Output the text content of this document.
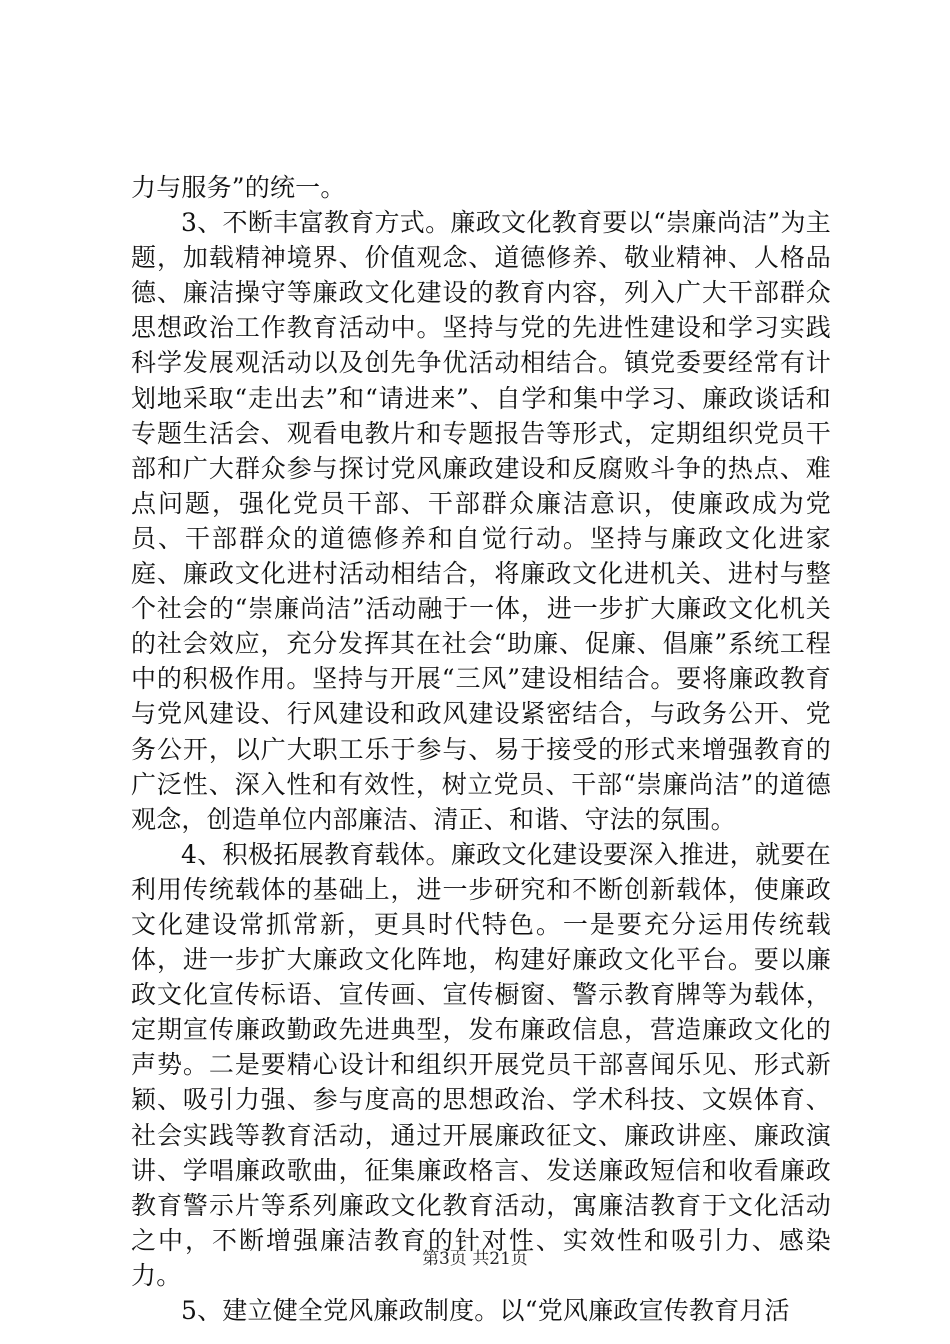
力与服务”的统一。

3、不断丰富教育方式。廉政文化教育要以“崇廉尚洁”为主题，加载精神境界、价值观念、道德修养、敬业精神、人格品德、廉洁操守等廉政文化建设的教育内容，列入广大干部群众思想政治工作教育活动中。坚持与党的先进性建设和学习实践科学发展观活动以及创先争优活动相结合。镇党委要经常有计划地采取“走出去”和“请进来”、自学和集中学习、廉政谈话和专题生活会、观看电教片和专题报告等形式，定期组织党员干部和广大群众参与探讨党风廉政建设和反腐败斗争的热点、难点问题，强化党员干部、干部群众廉洁意识，使廉政成为党员、干部群众的道德修养和自觉行动。坚持与廉政文化进家庭、廉政文化进村活动相结合，将廉政文化进机关、进村与整个社会的“崇廉尚洁”活动融于一体，进一步扩大廉政文化机关的社会效应，充分发挥其在社会“助廉、促廉、倡廉”系统工程中的积极作用。坚持与开展“三风”建设相结合。要将廉政教育与党风建设、行风建设和政风建设紧密结合，与政务公开、党务公开，以广大职工乐于参与、易于接受的形式来增强教育的广泛性、深入性和有效性，树立党员、干部“崇廉尚洁”的道德观念，创造单位内部廉洁、清正、和谐、守法的氛围。

4、积极拓展教育载体。廉政文化建设要深入推进，就要在利用传统载体的基础上，进一步研究和不断创新载体，使廉政文化建设常抓常新，更具时代特色。一是要充分运用传统载体，进一步扩大廉政文化阵地，构建好廉政文化平台。要以廉政文化宣传标语、宣传画、宣传橱窗、警示教育牌等为载体，定期宣传廉政勤政先进典型，发布廉政信息，营造廉政文化的声势。二是要精心设计和组织开展党员干部喜闻乐见、形式新颖、吸引力强、参与度高的思想政治、学术科技、文娱体育、社会实践等教育活动，通过开展廉政征文、廉政讲座、廉政演讲、学唱廉政歌曲，征集廉政格言、发送廉政短信和收看廉政教育警示片等系列廉政文化教育活动，寓廉洁教育于文化活动之中，不断增强廉洁教育的针对性、实效性和吸引力、感染力。

5、建立健全党风廉政制度。以“党风廉政宣传教育月活

第3页 共21页
